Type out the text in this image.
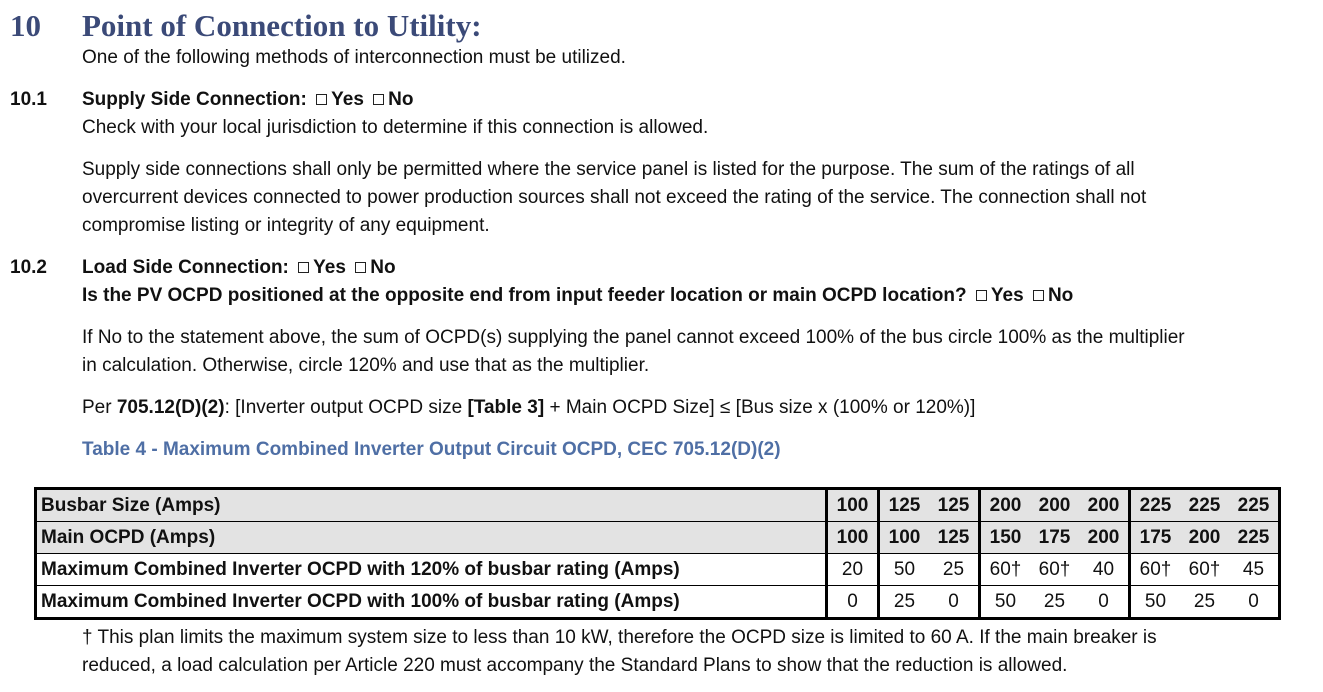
10 Point of Connection to Utility:
One of the following methods of interconnection must be utilized.
10.1 Supply Side Connection: Yes No
Check with your local jurisdiction to determine if this connection is allowed.
Supply side connections shall only be permitted where the service panel is listed for the purpose. The sum of the ratings of all
overcurrent devices connected to power production sources shall not exceed the rating of the service. The connection shall not
compromise listing or integrity of any equipment.
10.2 Load Side Connection: Yes No
Is the PV OCPD positioned at the opposite end from input feeder location or main OCPD location? Yes No
If No to the statement above, the sum of OCPD(s) supplying the panel cannot exceed 100% of the bus circle 100% as the multiplier
in calculation. Otherwise, circle 120% and use that as the multiplier.
Per 705.12(D)(2): [Inverter output OCPD size [Table 3] + Main OCPD Size] ≤ [Bus size x (100% or 120%)]
Table 4 - Maximum Combined Inverter Output Circuit OCPD, CEC 705.12(D)(2)
Busbar Size (Amps)	100	125	125	200	200	200	225	225	225
Main OCPD (Amps)	100	100	125	150	175	200	175	200	225
Maximum Combined Inverter OCPD with 120% of busbar rating (Amps)	20	50	25	60†	60†	40	60†	60†	45
Maximum Combined Inverter OCPD with 100% of busbar rating (Amps)	0	25	0	50	25	0	50	25	0
† This plan limits the maximum system size to less than 10 kW, therefore the OCPD size is limited to 60 A. If the main breaker is
reduced, a load calculation per Article 220 must accompany the Standard Plans to show that the reduction is allowed.
